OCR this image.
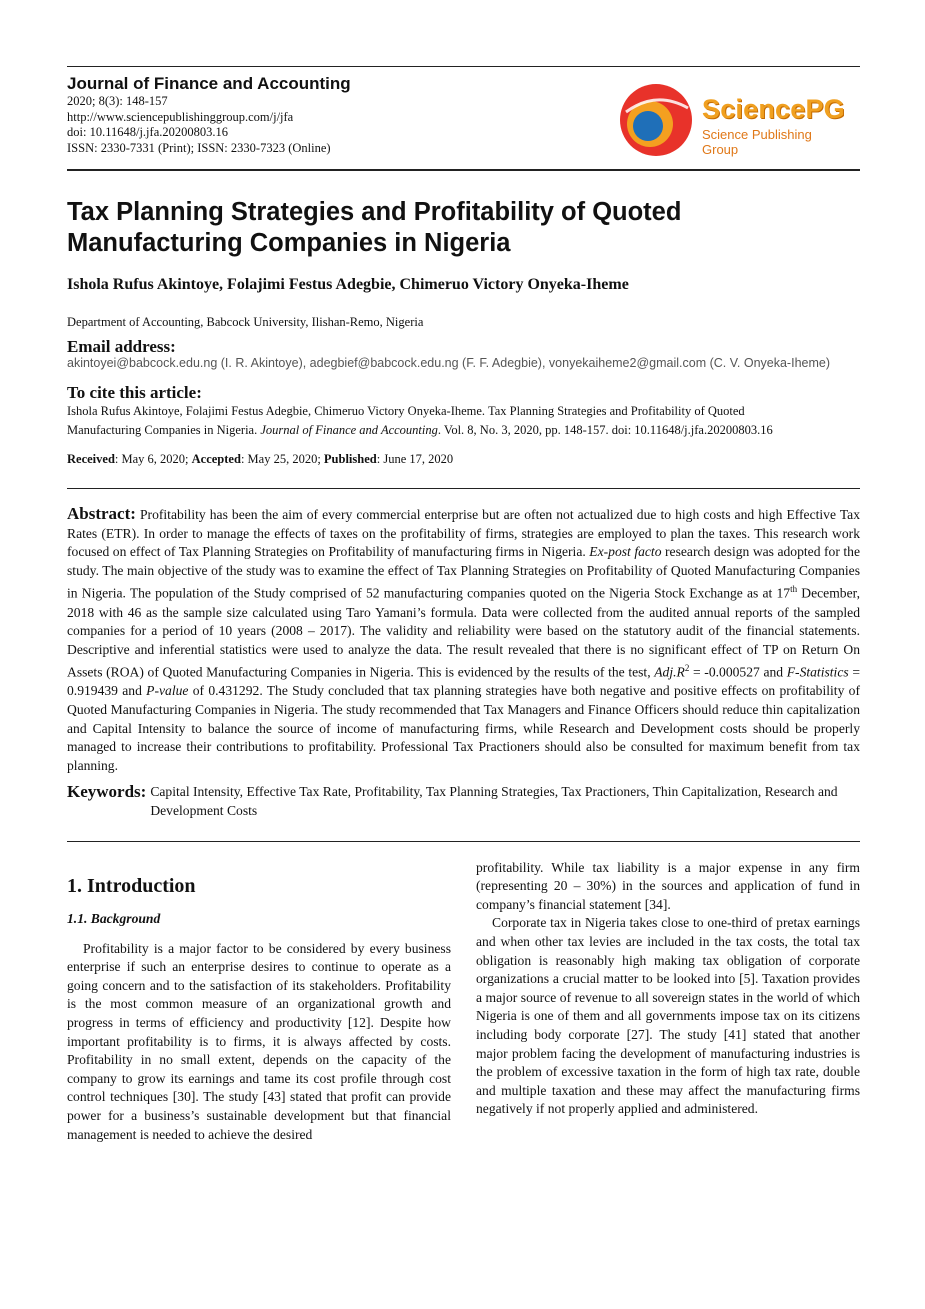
Journal of Finance and Accounting
2020; 8(3): 148-157
http://www.sciencepublishinggroup.com/j/jfa
doi: 10.11648/j.jfa.20200803.16
ISSN: 2330-7331 (Print); ISSN: 2330-7323 (Online)
SciencePG
Science Publishing Group
Tax Planning Strategies and Profitability of Quoted
Manufacturing Companies in Nigeria
Ishola Rufus Akintoye, Folajimi Festus Adegbie, Chimeruo Victory Onyeka-Iheme
Department of Accounting, Babcock University, Ilishan-Remo, Nigeria
Email address:
akintoyei@babcock.edu.ng (I. R. Akintoye), adegbief@babcock.edu.ng (F. F. Adegbie), vonyekaiheme2@gmail.com (C. V. Onyeka-Iheme)
To cite this article:
Ishola Rufus Akintoye, Folajimi Festus Adegbie, Chimeruo Victory Onyeka-Iheme. Tax Planning Strategies and Profitability of Quoted
Manufacturing Companies in Nigeria. Journal of Finance and Accounting. Vol. 8, No. 3, 2020, pp. 148-157. doi: 10.11648/j.jfa.20200803.16
Received: May 6, 2020; Accepted: May 25, 2020; Published: June 17, 2020
Abstract: Profitability has been the aim of every commercial enterprise but are often not actualized due to high costs and high Effective Tax Rates (ETR). In order to manage the effects of taxes on the profitability of firms, strategies are employed to plan the taxes. This research work focused on effect of Tax Planning Strategies on Profitability of manufacturing firms in Nigeria. Ex-post facto research design was adopted for the study. The main objective of the study was to examine the effect of Tax Planning Strategies on Profitability of Quoted Manufacturing Companies in Nigeria. The population of the Study comprised of 52 manufacturing companies quoted on the Nigeria Stock Exchange as at 17th December, 2018 with 46 as the sample size calculated using Taro Yamani’s formula. Data were collected from the audited annual reports of the sampled companies for a period of 10 years (2008 – 2017). The validity and reliability were based on the statutory audit of the financial statements. Descriptive and inferential statistics were used to analyze the data. The result revealed that there is no significant effect of TP on Return On Assets (ROA) of Quoted Manufacturing Companies in Nigeria. This is evidenced by the results of the test, $Adj.R^2 = -0.000527$ and F-Statistics = 0.919439 and P-value of 0.431292. The Study concluded that tax planning strategies have both negative and positive effects on profitability of Quoted Manufacturing Companies in Nigeria. The study recommended that Tax Managers and Finance Officers should reduce thin capitalization and Capital Intensity to balance the source of income of manufacturing firms, while Research and Development costs should be properly managed to increase their contributions to profitability. Professional Tax Practioners should also be consulted for maximum benefit from tax planning.
Keywords: Capital Intensity, Effective Tax Rate, Profitability, Tax Planning Strategies, Tax Practioners, Thin Capitalization, Research and Development Costs
1. Introduction
1.1. Background

Profitability is a major factor to be considered by every business enterprise if such an enterprise desires to continue to operate as a going concern and to the satisfaction of its stakeholders. Profitability is the most common measure of an organizational growth and progress in terms of efficiency and productivity [12]. Despite how important profitability is to firms, it is always affected by costs. Profitability in no small extent, depends on the capacity of the company to grow its earnings and tame its cost profile through cost control techniques [30]. The study [43] stated that profit can provide power for a business’s sustainable development but that financial management is needed to achieve the desired

profitability. While tax liability is a major expense in any firm (representing 20 – 30%) in the sources and application of fund in company’s financial statement [34].

Corporate tax in Nigeria takes close to one-third of pretax earnings and when other tax levies are included in the tax costs, the total tax obligation is reasonably high making tax obligation of corporate organizations a crucial matter to be looked into [5]. Taxation provides a major source of revenue to all sovereign states in the world of which Nigeria is one of them and all governments impose tax on its citizens including body corporate [27]. The study [41] stated that another major problem facing the development of manufacturing industries is the problem of excessive taxation in the form of high tax rate, double and multiple taxation and these may affect the manufacturing firms negatively if not properly applied and administered.
